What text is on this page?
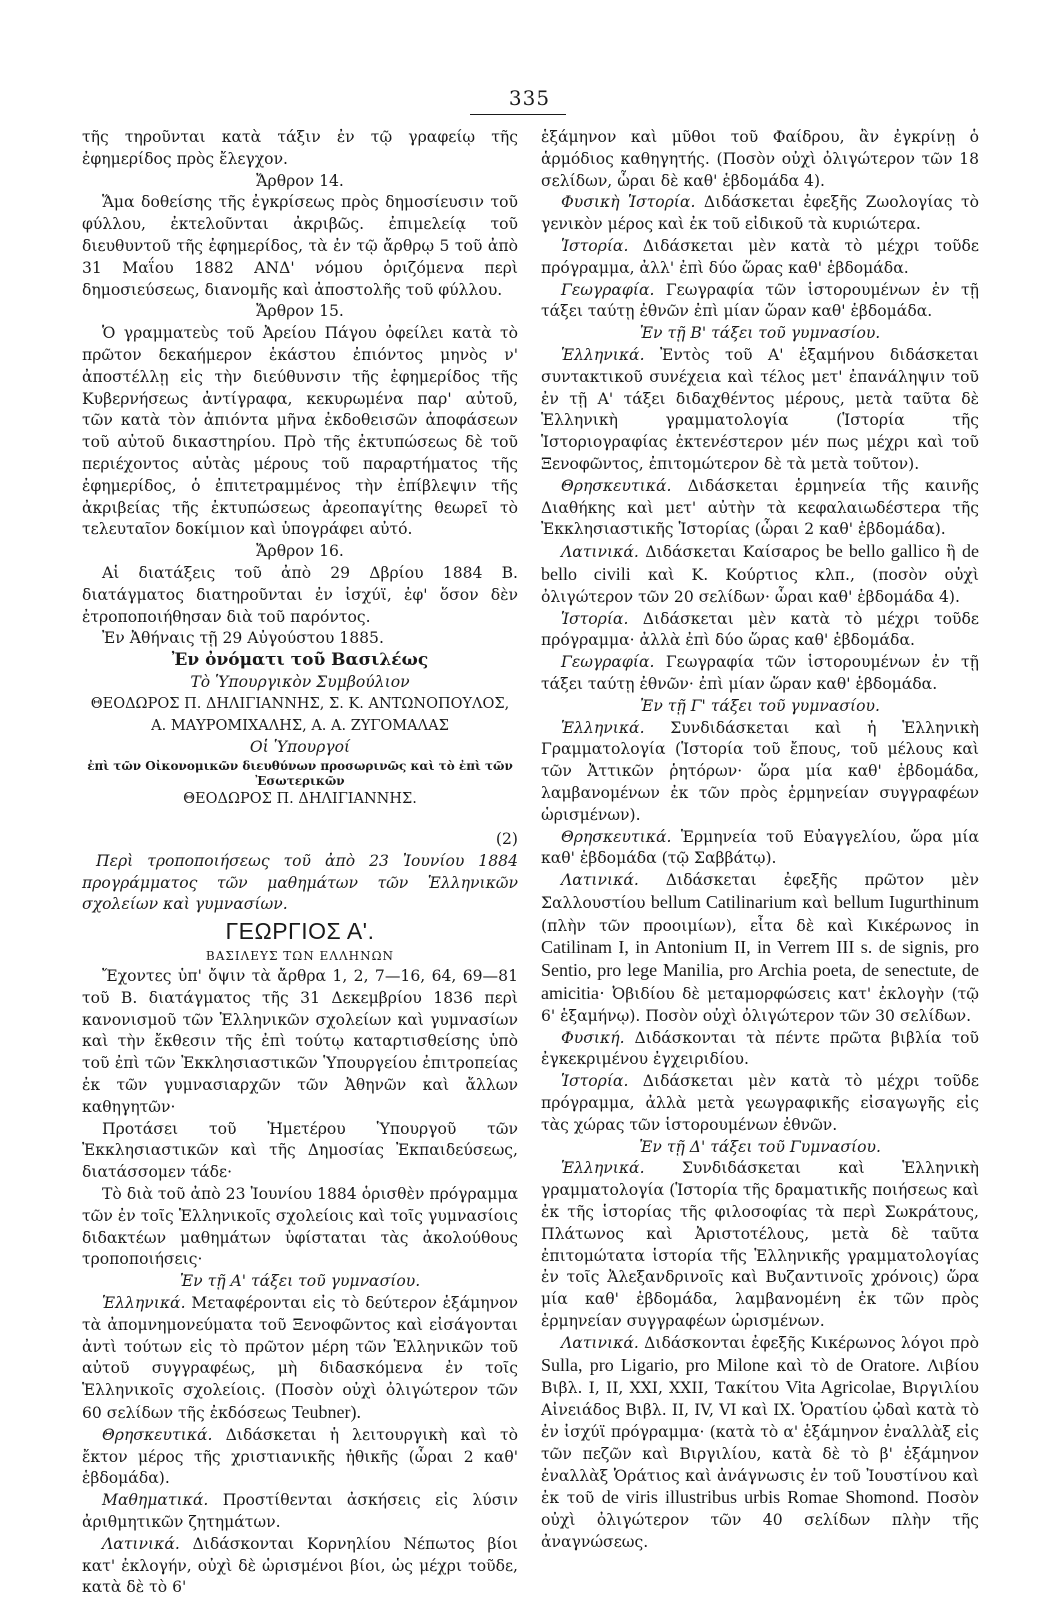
335

τῆς τηροῦνται κατὰ τάξιν ἐν τῷ γραφείῳ τῆς ἐφημερίδος πρὸς ἔλεγχον.

Ἄρθρον 14.

Ἅμα δοθείσης τῆς ἐγκρίσεως πρὸς δημοσίευσιν τοῦ φύλλου, ἐκτελοῦνται ἀκριβῶς. ἐπιμελείᾳ τοῦ διευθυντοῦ τῆς ἐφημερίδος, τὰ ἐν τῷ ἄρθρῳ 5 τοῦ ἀπὸ 31 Μαΐου 1882 ΑΝΔ' νόμου ὁριζόμενα περὶ δημοσιεύσεως, διανομῆς καὶ ἀποστολῆς τοῦ φύλλου.

Ἄρθρον 15.

Ὁ γραμματεὺς τοῦ Ἀρείου Πάγου ὀφείλει κατὰ τὸ πρῶτον δεκαήμερον ἑκάστου ἐπιόντος μηνὸς ν' ἀποστέλλῃ εἰς τὴν διεύθυνσιν τῆς ἐφημερίδος τῆς Κυβερνήσεως ἀντίγραφα, κεκυρωμένα παρ' αὐτοῦ, τῶν κατὰ τὸν ἀπιόντα μῆνα ἐκδοθεισῶν ἀποφάσεων τοῦ αὐτοῦ δικαστηρίου. Πρὸ τῆς ἐκτυπώσεως δὲ τοῦ περιέχοντος αὐτὰς μέρους τοῦ παραρτήματος τῆς ἐφημερίδος, ὁ ἐπιτετραμμένος τὴν ἐπίβλεψιν τῆς ἀκριβείας τῆς ἐκτυπώσεως ἀρεοπαγίτης θεωρεῖ τὸ τελευταῖον δοκίμιον καὶ ὑπογράφει αὐτό.

Ἄρθρον 16.

Αἱ διατάξεις τοῦ ἀπὸ 29 Δβρίου 1884 Β. διατάγματος διατηροῦνται ἐν ἰσχύϊ, ἐφ' ὅσον δὲν ἐτροποποιήθησαν διὰ τοῦ παρόντος.

Ἐν Ἀθήναις τῇ 29 Αὐγούστου 1885.

Ἐν ὀνόματι τοῦ Βασιλέως

Τὸ Ὑπουργικὸν Συμβούλιον

ΘΕΟΔΩΡΟΣ Π. ΔΗΛΙΓΙΑΝΝΗΣ, Σ. Κ. ΑΝΤΩΝΟΠΟΥΛΟΣ,

Α. ΜΑΥΡΟΜΙΧΑΛΗΣ, Α. Α. ΖΥΓΟΜΑΛΑΣ

Οἱ Ὑπουργοί

ἐπὶ τῶν Οἰκονομικῶν διευθύνων προσωρινῶς καὶ τὸ ἐπὶ τῶν Ἐσωτερικῶν

ΘΕΟΔΩΡΟΣ Π. ΔΗΛΙΓΙΑΝΝΗΣ.

(2)

Περὶ τροποποιήσεως τοῦ ἀπὸ 23 Ἰουνίου 1884 προγράμματος τῶν μαθημάτων τῶν Ἑλληνικῶν σχολείων καὶ γυμνασίων.

ΓΕΩΡΓΙΟΣ Α'.

ΒΑΣΙΛΕΥΣ ΤΩΝ ΕΛΛΗΝΩΝ

Ἔχοντες ὑπ' ὄψιν τὰ ἄρθρα 1, 2, 7—16, 64, 69—81 τοῦ Β. διατάγματος τῆς 31 Δεκεμβρίου 1836 περὶ κανονισμοῦ τῶν Ἑλληνικῶν σχολείων καὶ γυμνασίων καὶ τὴν ἔκθεσιν τῆς ἐπὶ τούτῳ καταρτισθείσης ὑπὸ τοῦ ἐπὶ τῶν Ἐκκλησιαστικῶν Ὑπουργείου ἐπιτροπείας ἐκ τῶν γυμνασιαρχῶν τῶν Ἀθηνῶν καὶ ἄλλων καθηγητῶν·

Προτάσει τοῦ Ἡμετέρου Ὑπουργοῦ τῶν Ἐκκλησιαστικῶν καὶ τῆς Δημοσίας Ἐκπαιδεύσεως, διατάσσομεν τάδε·

Τὸ διὰ τοῦ ἀπὸ 23 Ἰουνίου 1884 ὁρισθὲν πρόγραμμα τῶν ἐν τοῖς Ἑλληνικοῖς σχολείοις καὶ τοῖς γυμνασίοις διδακτέων μαθημάτων ὑφίσταται τὰς ἀκολούθους τροποποιήσεις·

Ἐν τῇ Α' τάξει τοῦ γυμνασίου.

Ἑλληνικά. Μεταφέρονται εἰς τὸ δεύτερον ἑξάμηνον τὰ ἀπομνημονεύματα τοῦ Ξενοφῶντος καὶ εἰσάγονται ἀντὶ τούτων εἰς τὸ πρῶτον μέρη τῶν Ἑλληνικῶν τοῦ αὐτοῦ συγγραφέως, μὴ διδασκόμενα ἐν τοῖς Ἑλληνικοῖς σχολείοις. (Ποσὸν οὐχὶ ὀλιγώτερον τῶν 60 σελίδων τῆς ἐκδόσεως Teubner).

Θρησκευτικά. Διδάσκεται ἡ λειτουργικὴ καὶ τὸ ἔκτον μέρος τῆς χριστιανικῆς ἠθικῆς (ὧραι 2 καθ' ἑβδομάδα).

Μαθηματικά. Προστίθενται ἀσκήσεις εἰς λύσιν ἀριθμητικῶν ζητημάτων.

Λατινικά. Διδάσκονται Κορνηλίου Νέπωτος βίοι κατ' ἐκλογήν, οὐχὶ δὲ ὡρισμένοι βίοι, ὡς μέχρι τοῦδε, κατὰ δὲ τὸ 6'

ἑξάμηνον καὶ μῦθοι τοῦ Φαίδρου, ἂν ἐγκρίνῃ ὁ ἁρμόδιος καθηγητής. (Ποσὸν οὐχὶ ὀλιγώτερον τῶν 18 σελίδων, ὧραι δὲ καθ' ἑβδομάδα 4).

Φυσικὴ Ἱστορία. Διδάσκεται ἐφεξῆς Ζωολογίας τὸ γενικὸν μέρος καὶ ἐκ τοῦ εἰδικοῦ τὰ κυριώτερα.

Ἱστορία. Διδάσκεται μὲν κατὰ τὸ μέχρι τοῦδε πρόγραμμα, ἀλλ' ἐπὶ δύο ὥρας καθ' ἑβδομάδα.

Γεωγραφία. Γεωγραφία τῶν ἱστορουμένων ἐν τῇ τάξει ταύτῃ ἐθνῶν ἐπὶ μίαν ὥραν καθ' ἑβδομάδα.

Ἐν τῇ Β' τάξει τοῦ γυμνασίου.

Ἑλληνικά. Ἐντὸς τοῦ Α' ἑξαμήνου διδάσκεται συντακτικοῦ συνέχεια καὶ τέλος μετ' ἐπανάληψιν τοῦ ἐν τῇ Α' τάξει διδαχθέντος μέρους, μετὰ ταῦτα δὲ Ἑλληνικὴ γραμματολογία (Ἱστορία τῆς Ἱστοριογραφίας ἐκτενέστερον μέν πως μέχρι καὶ τοῦ Ξενοφῶντος, ἐπιτομώτερον δὲ τὰ μετὰ τοῦτον).

Θρησκευτικά. Διδάσκεται ἑρμηνεία τῆς καινῆς Διαθήκης καὶ μετ' αὐτὴν τὰ κεφαλαιωδέστερα τῆς Ἐκκλησιαστικῆς Ἱστορίας (ὧραι 2 καθ' ἑβδομάδα).

Λατινικά. Διδάσκεται Καίσαρος be bello gallico ἢ de bello civili καὶ Κ. Κούρτιος κλπ., (ποσὸν οὐχὶ ὀλιγώτερον τῶν 20 σελίδων· ὧραι καθ' ἑβδομάδα 4).

Ἱστορία. Διδάσκεται μὲν κατὰ τὸ μέχρι τοῦδε πρόγραμμα· ἀλλὰ ἐπὶ δύο ὥρας καθ' ἑβδομάδα.

Γεωγραφία. Γεωγραφία τῶν ἱστορουμένων ἐν τῇ τάξει ταύτῃ ἐθνῶν· ἐπὶ μίαν ὥραν καθ' ἑβδομάδα.

Ἐν τῇ Γ' τάξει τοῦ γυμνασίου.

Ἑλληνικά. Συνδιδάσκεται καὶ ἡ Ἑλληνικὴ Γραμματολογία (Ἱστορία τοῦ ἔπους, τοῦ μέλους καὶ τῶν Ἀττικῶν ῥητόρων· ὥρα μία καθ' ἑβδομάδα, λαμβανομένων ἐκ τῶν πρὸς ἑρμηνείαν συγγραφέων ὡρισμένων).

Θρησκευτικά. Ἑρμηνεία τοῦ Εὐαγγελίου, ὥρα μία καθ' ἑβδομάδα (τῷ Σαββάτῳ).

Λατινικά. Διδάσκεται ἐφεξῆς πρῶτον μὲν Σαλλουστίου bellum Catilinarium καὶ bellum Iugurthinum (πλὴν τῶν προοιμίων), εἶτα δὲ καὶ Κικέρωνος in Catilinam I, in Antonium II, in Verrem III s. de signis, pro Sentio, pro lege Manilia, pro Archia poeta, de senectute, de amicitia· Ὀβιδίου δὲ μεταμορφώσεις κατ' ἐκλογὴν (τῷ 6' ἑξαμήνῳ). Ποσὸν οὐχὶ ὀλιγώτερον τῶν 30 σελίδων.

Φυσική. Διδάσκονται τὰ πέντε πρῶτα βιβλία τοῦ ἐγκεκριμένου ἐγχειριδίου.

Ἱστορία. Διδάσκεται μὲν κατὰ τὸ μέχρι τοῦδε πρόγραμμα, ἀλλὰ μετὰ γεωγραφικῆς εἰσαγωγῆς εἰς τὰς χώρας τῶν ἱστορουμένων ἐθνῶν.

Ἐν τῇ Δ' τάξει τοῦ Γυμνασίου.

Ἑλληνικά. Συνδιδάσκεται καὶ Ἑλληνικὴ γραμματολογία (Ἱστορία τῆς δραματικῆς ποιήσεως καὶ ἐκ τῆς ἱστορίας τῆς φιλοσοφίας τὰ περὶ Σωκράτους, Πλάτωνος καὶ Ἀριστοτέλους, μετὰ δὲ ταῦτα ἐπιτομώτατα ἱστορία τῆς Ἑλληνικῆς γραμματολογίας ἐν τοῖς Ἀλεξανδρινοῖς καὶ Βυζαντινοῖς χρόνοις) ὥρα μία καθ' ἑβδομάδα, λαμβανομένη ἐκ τῶν πρὸς ἑρμηνείαν συγγραφέων ὡρισμένων.

Λατινικά. Διδάσκονται ἐφεξῆς Κικέρωνος λόγοι πρὸ Sulla, pro Ligario, pro Milone καὶ τὸ de Oratore. Λιβίου Βιβλ. I, II, XXI, XXII, Τακίτου Vita Agricolae, Βιργιλίου Αἰνειάδος Βιβλ. II, IV, VI καὶ IX. Ὁρατίου ᾠδαὶ κατὰ τὸ ἐν ἰσχύϊ πρόγραμμα· (κατὰ τὸ α' ἑξάμηνον ἐναλλὰξ εἰς τῶν πεζῶν καὶ Βιργιλίου, κατὰ δὲ τὸ β' ἑξάμηνον ἐναλλὰξ Ὁράτιος καὶ ἀνάγνωσις ἐν τοῦ Ἰουστίνου καὶ ἐκ τοῦ de viris illustribus urbis Romae Shomond. Ποσὸν οὐχὶ ὀλιγώτερον τῶν 40 σελίδων πλὴν τῆς ἀναγνώσεως.
